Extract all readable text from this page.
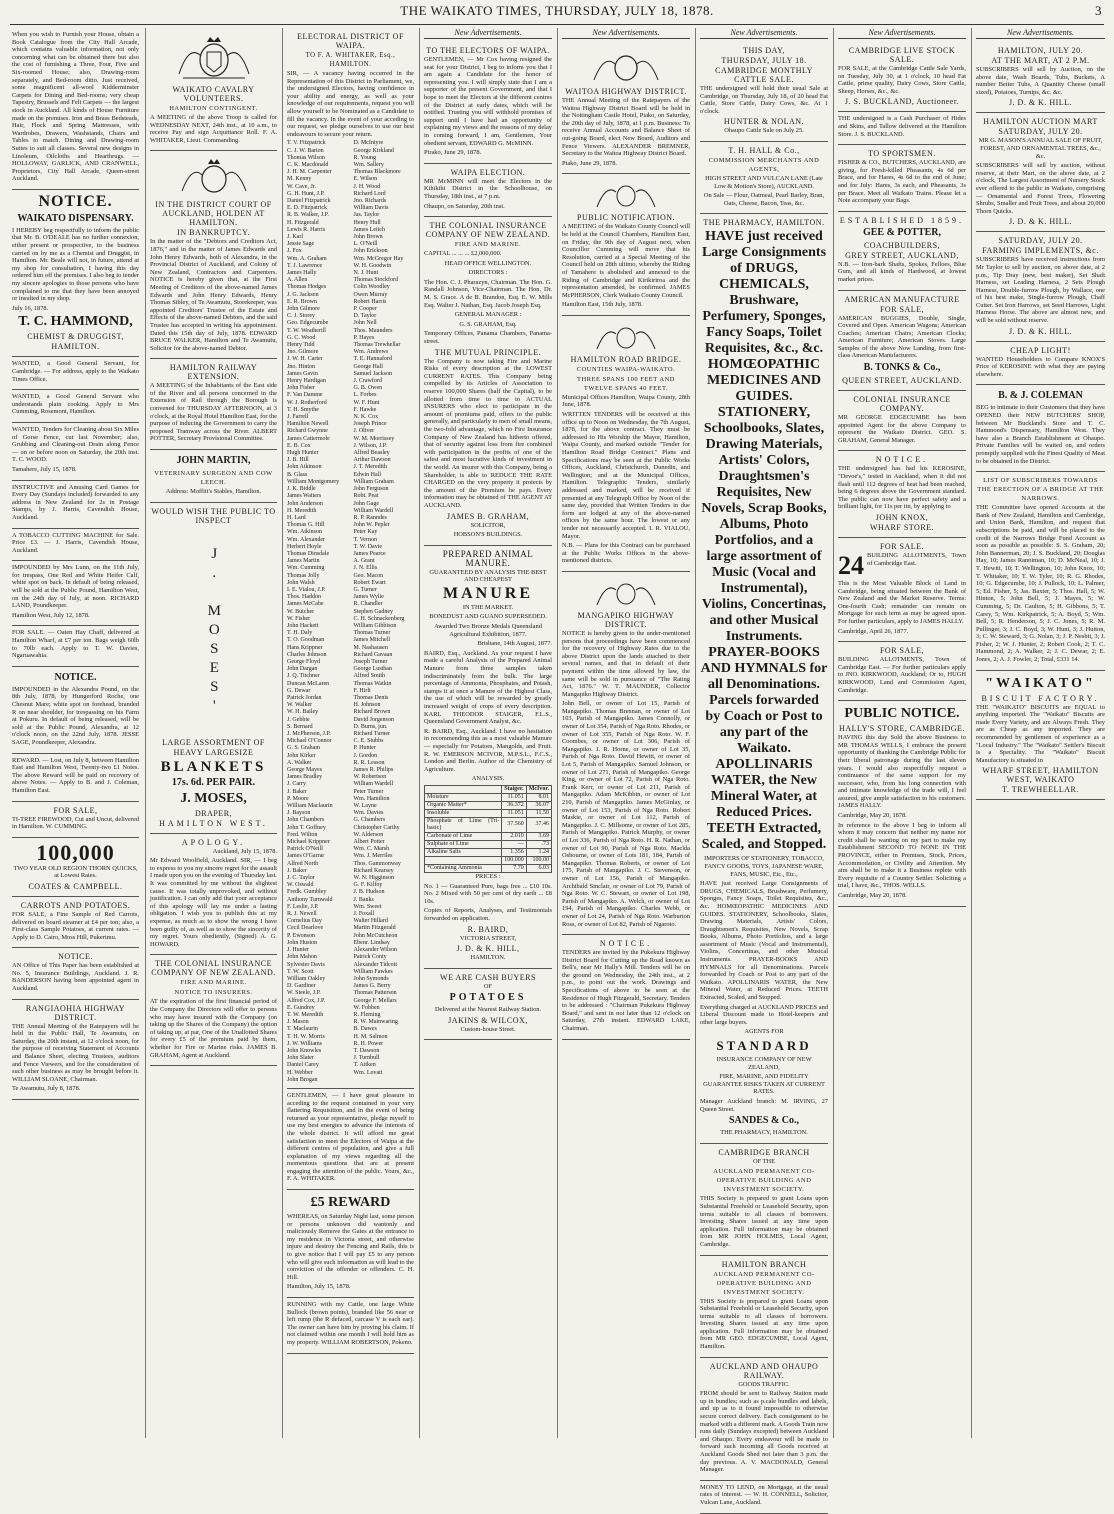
THE WAIKATO TIMES, THURSDAY, JULY 18, 1878.	3

When you wish to Furnish your House, obtain a Book Catalogue from the City Hall Arcade, which contains valuable information, not only concerning what can be obtained there but also the cost of furnishing a Three, Four, Five and Six-roomed House; also, Drawing-room separately, and Bed-room ditto. Just received, some magnificent all-wool Kidderminster Carpets for Dining and Bed-rooms; very cheap Tapestry, Brussels and Felt Carpets — the largest stock in Auckland. All kinds of House Furniture made on the premises. Iron and Brass Bedsteads, Hair, Flock and Spring Mattresses, with Wardrobes, Drawers, Washstands, Chairs and Tables to match. Dining and Drawing-room Suites to suit all classes. Several new designs in Linoleum, Oilcloths and Hearthrugs. — HOLLOWAY, GARLICK, AND CRANWELL, Proprietors, City Hall Arcade, Queen-street Auckland.

NOTICE.
WAIKATO DISPENSARY.

I HEREBY beg respectfully to inform the public that Mr. B. O'DEALE has no further connexion, either present or prospective, to the business carried on by me as a Chemist and Druggist, in Hamilton. Mr. Beale will not, in future, attend at my shop for consultation, I having this day ordered him off the premises. I also beg to tender my sincere apologies to those persons who have complained to me that they have been annoyed or insulted in my shop.

July 16, 1878.

T. C. HAMMOND,
CHEMIST & DRUGGIST,
HAMILTON.

WANTED, a Good General Servant, for Cambridge. — For address, apply to the Waikato Times Office.

WANTED, a Good General Servant who understands plain cooking. Apply to Mrs Cumming, Rosemont, Hamilton.

WANTED, Tenders for Cleaning about Six Miles of Gorse Fence, cut last November; also, Grubbing and Cleaning-out Drain along Fence — on or before noon on Saturday, the 20th inst. T. C. WOOD.

Tamahere, July 15, 1878.

INSTRUCTIVE and Amusing Card Games for Every Day (Sundays included) forwarded to any address in New Zealand for 2s in Postage Stamps, by J. Harris, Cavendish House, Auckland.

A TOBACCO CUTTING MACHINE for Sale. Price £3. — J. Harris, Cavendish House, Auckland.

IMPOUNDED by Mrs Lunn, on the 11th July, for trespass, One Red and White Heifer Calf, white spot on back. In default of being released, will be sold at the Public Pound, Hamilton West, on the 24th day of July, at noon. RICHARD LAND, Poundkeeper.

Hamilton West, July 12, 1878.

FOR SALE. — Oaten Hay Chaff, delivered at Hamilton Wharf, at £7 per ton. Bags weigh 60lb to 70lb each. Apply to T. W. Davies, Ngaruawahia.

NOTICE.

IMPOUNDED in the Alexandra Pound, on the 8th July, 1878, by Hungerford Roche, one Chesnut Mare; white spot on forehead, branded R on near shoulder, for trespassing on his Farm at Pokuru. In default of being released, will be sold at the Public Pound, Alexandra, at 12 o'clock noon, on the 22nd July, 1878. JESSE SAGE, Poundkeeper, Alexandra.

REWARD. — Lost, on July 8, between Hamilton East and Hamilton West, Twenty-two £1 Notes. The above Reward will be paid on recovery of above Notes. — Apply to B. and J. Coleman, Hamilton East.

FOR SALE,

TI-TREE FIREWOOD, Cut and Uncut, delivered in Hamilton. W. CUMMING.

100,000

TWO YEAR OLD REGION THORN QUICKS, at Lowest Rates.

COATES & CAMPBELL.
CARROTS AND POTATOES.

FOR SALE, a Fine Sample of Red Carrots, delivered on board steamer at £4 per ton; also, a First-class Sample Potatoes, at current rates. — Apply to D. Cairo, Moss Hill, Pukerimu.

NOTICE.

AN Office of This Paper has been established at No. 5, Insurance Buildings, Auckland. J. R. BANDERSON having been appointed agent in Auckland.

RANGIAOHIA HIGHWAY DISTRICT.

THE Annual Meeting of the Ratepayers will be held in the Public Hall, Te Awamutu, on Saturday, the 20th instant, at 12 o'clock noon, for the purpose of receiving Statement of Accounts and Balance Sheet, electing Trustees, auditors and Fence Viewers, and for the consideration of such other business as may be brought before it. WILLIAM SLOANE, Chairman.

Te Awamutu, July 8, 1878.

WAIKATO CAVALRY VOLUNTEERS.
HAMILTON CONTINGENT.

A MEETING of the above Troop is called for WEDNESDAY NEXT, 24th inst., at 10 a.m., to receive Pay and sign Acquittance Roll. F. A. WHITAKER, Lieut. Commanding.

IN THE DISTRICT COURT OF AUCKLAND, HOLDEN AT HAMILTON.
IN BANKRUPTCY.

In the matter of the "Debtors and Creditors Act, 1876," and in the matter of James Edwards and John Henry Edwards, both of Alexandra, in the Provincial District of Auckland, and Colony of New Zealand, Contractors and Carpenters. NOTICE is hereby given that, at the First Meeting of Creditors of the above-named James Edwards and John Henry Edwards, Henry Thomas Sibley, of Te Awamutu, Storekeeper, was appointed Creditors' Trustee of the Estate and Effects of the above-named Debtors, and the said Trustee has accepted in writing his appointment. Dated this 15th day of July, 1878. EDWARD BRUCE WALKER, Hamilton and Te Awamutu, Solicitor for the above-named Debtor.

HAMILTON RAILWAY EXTENSION.

A MEETING of the Inhabitants of the East side of the River and all persons concerned in the Extension of Rail through the Borough is convened for THURSDAY AFTERNOON, at 3 o'clock, at the Royal Hotel Hamilton East, for the purpose of inducing the Government to carry the proposed Tramway across the River. ALBERT POTTER, Secretary Provisional Committee.

JOHN MARTIN,
VETERINARY SURGEON AND COW LEECH.

Address: Moffitt's Stables, Hamilton.

WOULD WISH THE PUBLIC TO INSPECT
J. MOSES'
LARGE ASSORTMENT OF
HEAVY LARGESIZE
BLANKETS
17s. 6d. PER PAIR.
J. MOSES,
DRAPER,
HAMILTON WEST.
APOLOGY.

Auckland, July 15, 1878.

Mr Edward Woolfield, Auckland. SIR, — I beg to express to you my sincere regret for the assault I made upon you on the evening of Thursday last. It was committed by me without the slightest cause. It was totally unprovoked, and without justification. I can only add that your acceptance of this apology will lay me under a lasting obligation. I wish you to publish this at my expense, as much as to show the wrong I have been guilty of, as well as to show the sincerity of my regret. Yours obediently, (Signed) A. G. HOWARD.

THE COLONIAL INSURANCE COMPANY OF NEW ZEALAND.
FIRE AND MARINE.
NOTICE TO INSURERS.

AT the expiration of the first financial period of the Company the Directors will offer to persons who may have insured with the Company (on taking up the Shares of the Company) the option of taking up, at par, One of the Unallotted Shares for every £5 of the premium paid by them, whether for Fire or Marine risks. JAMES B. GRAHAM, Agent at Auckland.

ELECTORAL DISTRICT OF WAIPA.
TO F. A. WHITAKER, Esq., HAMILTON.

SIR, — A vacancy having occurred in the Representation of this District in Parliament, we, the undersigned Electors, having confidence in your ability and energy, as well as your knowledge of our requirements, request you will allow yourself to be Nominated as a Candidate to fill the vacancy. In the event of your acceding to our request, we pledge ourselves to use our best endeavours to secure your return.

T. V. Fitzpatrick
C. J. W. Barton
Thomas Wilson
C. K. Macdonald
J. H. M. Carpenter
M. Kenny
W. Cave, Jr.
G. H. Hunt, J.P.
Daniel Fitzpatrick
E. D. Fitzpatrick
R. B. Walker, J.P.
H. Fitzgerald
Lewis R. Harris
J. Karl
Jessie Sage
J. Fox
Wm. A. Graham
T. J. Lawrence
James Hally
A. Allen
Thomas Hodges
J. G. Jackson
E. R. Brown
John Gilmore
C. J. Storey
Geo. Edgecumbe
T. W. Weatherill
G. C. Wood
Henry Tidd
Jno. Gilmore
J. W. H. Carter
Jno. Hinton
James Gavin
Henry Hardigan
John Fisher
F. Van Damme
W. J. Rotherford
T. H. Smythe
J. Farrell
Hamilton Newell
Richard Gwynne
James Cattermole
E. B. Cox
Hugh Hunter
J. B. Hill
John Atkinson
B. Glass
William Montgomery
J. K. Biddle
James Watters
John Anderson
H. Meredith
H. Lard
Thomas G. Hill
Wm. Atkinson
Wm. Alexander
Herbert Hoyle
Thomas Dinsdale
James Martin
Wm. Cumming
Thomas Jolly
John Walsh
I. E. Vialou, J.P.
Thos. Haddon
James McCabe
W. Butcher
W. Fisher
John Hackett
T. H. Daly
T. O. Goodman
Hans Krippner
Charles Johnson
George Floyd
John Dargan
J. Q. Titchner
Duncan McLaren
G. Dewar
Patrick Jordan
W. Walker
W. H. Bailey
J. Gebbie
S. Bernard
J. McPherson, J.P.
Michael O'Connor
G. S. Graham
John Kirker
A. Walker
George Mayes
James Bradley
J. Carry
J. Baker
P. Moore
William Maclaurin
J. Bayson
John Chambers
John T. Goffney
Fred. Wilton
Michael Krippner
Patrick O'Neill
James O'Garrar
Alfred North
J. Baker
J. C. Taylor
W. Oswald
Fredk. Gumbley
Anthony Turnwald
F. Leslie, J.P.
R. J. Newell
Cornelius Day
Cecil Dearlove
P. Ewonson
John Huston
J. Hunter
John Mahon
Sylvester Davis
T. W. Scott
William Oakley
D. Gardiner
W. Steele, J.P.
Alfred Cox, J.P.
E. Gundrey
T. W. Meredith
J. Mason
T. Maclaurin
T. H. W. Morris
J. W. Williams
John Knowles
John Slater
Daniel Carey
H. Webber
John Brogan
D. McIntyre
George Kirkland
R. Young
Wm. Sallery
Thomas Blackmore
E. Wilson
J. H. Wood
Richard Lord
Jno. Richards
William Davis
Jas. Taylor
Henry Hull
James Leitch
John Brown
L. O'Neill
John Erickson
Wm. McGregor Hay
W. H. Goodwin
N. J. Hunt
Thomas Stockford
Colin Woodley
Owen Murray
Robert Harris
P. Cooper
D. Taylor
John Nell
Thos. Maunders
P. Hayes
Thomas Trewhellar
Wm. Andrews
T. E. Hannaford
George Hall
Samuel Jackson
J. Crawford
G. B. Owen
L. Forbes
W. F. Hunt
F. Hawke
N. K. Cox
Joseph Prince
J. Oliver
W. M. Morrissey
J. Wilson, J.P.
Alfred Beasley
Arthur Dawson
J. T. Meredith
Edwin Hall
William Graham
John Ferguson
Robt. Peat
John Gage
William Wardell
R. P. Ranndes
John W. Pepler
Peter Kay
T. Vernon
T. W. Davie
James Pearce
A. Grant
J. N. Ellis
Geo. Macon
Robert Ewart
G. Turner
James Wylie
R. Chandler
Stephen Gadney
C. H. Schnackenberg
William Gibbison
Thomas Turner
James Mitchell
M. Nashausen
Richard Gavaan
Joseph Turner
George Lusthan
Alfred Smith
Thomas Watkin
F. Hirli
Thomas Denis
H. Johnson
Richard Brown
David Jorgenson
D. Burns, jun.
Richard Turner
C. E. Stubbs
P. Hunter
J. Gordon
R. R. Lesson
James R. Philips
W. Robertson
William Wardell
Peter Turner
Wm. Hamilton
W. Layne
Wm. Davies
G. Chambers
Christopher Carthy
W. Alderson
Albert Potter
Wm. C. Marsh
Wm. J. Merriles
Thos. Gammonway
Richard Kearsey
W. N. Higginson
G. F. Kilfoy
J. B. Hudson
J. Banks
Wm. Sweet
J. Foxall
Walter Hillard
Martin Fitzgerald
John McCutcheon
Ebenr. Lindsay
Alexander Wilson
Patrick Conty
Alexander Tidcott
William Fawkes
John Symonds
James G. Berry
Thomas Patterson
George F. Mellars
W. Fobben
R. Fleming
R. W. Mainwaring
B. Dawes
H. M. Salmon
R. H. Power
T. Dawson
J. Turnbull
T. Aitken
Wm. Lovatt

GENTLEMEN, — I have great pleasure in acceding to the request contained in your very flattering Requisition, and in the event of being returned as your representative, pledge myself to use my best energies to advance the interests of the whole district. It will afford me great satisfaction to meet the Electors of Waipa at the different centres of population, and give a full explanation of my views regarding all the momentous questions that are at present engaging the attention of the public. Yours, &c., F. A. WHITAKER.

£5 REWARD

WHEREAS, on Saturday Night last, some person or persons unknown did wantonly and maliciously Remove the Gates at the entrance to my residence in Victoria street, and otherwise injure and destroy the Fencing and Rails, this is to give notice that I will pay £5 to any person who will give such information as will lead to the conviction of the offender or offenders. C. H. Hill.

Hamilton, July 15, 1878.

RUNNING with my Cattle, one large White Bullock (brown points), branded like 56 near or left rump (the R defaced, carcase V is each ear). The owner can have him by proving his claim. If not claimed within one month I will hold him as my property. WILLIAM ROBERTSON, Pokeno.

New Advertisements.
TO THE ELECTORS OF WAIPA.

GENTLEMEN, — Mr Cox having resigned the seat for your District, I beg to inform you that I am again a Candidate for the honor of representing you. I will simply state that I am a supporter of the present Government, and that I hope to meet the Electors at the different centres of the District at early dates, which will be notified. Trusting you will withhold promises of support until I have had an opportunity of explaining my views and the reasons of my delay in coming forward, I am, Gentlemen, Your obedient servant, EDWARD G. McMINN.

Pirako, June 29, 1878.

WAIPA ELECTION.

MR McMINN will meet the Electors in the Kihikihi District in the Schoolhouse, on Thursday, 18th inst., at 7 p.m.

Ohaupo, on Saturday, 20th inst.

THE COLONIAL INSURANCE COMPANY OF NEW ZEALAND.
FIRE AND MARINE.

CAPITAL ... ... ... £2,000,000.

HEAD OFFICE WELLINGTON.

DIRECTORS :

The Hon. C. J. Pharazyn, Chairman. The Hon. G. Randall Johnson, Vice-Chairman. The Hon. Dr. M. S. Grace. A de B. Brandon, Esq. E. W. Mills Esq. Walter J. Nathan, Esq. Jacob Joseph Esq.

GENERAL MANAGER :

G. S. GRAHAM, Esq.

Temporary Offices, Panama Chambers, Panama-street.

THE MUTUAL PRINCIPLE.

The Company is now taking Fire and Marine Risks of every description at the LOWEST CURRENT RATES. This Company being compelled by its Articles of Association to reserve 100,000 Shares (half the Capital), to be allotted from time to time to ACTUAL INSURERS who elect to participate in the amount of premiums paid, offers to the public generally, and particularly to men of small means, the two-fold advantage, which no Fire Insurance Company of New Zealand has hitherto offered, that of security against loss from fire combined with participation in the profits of one of the safest and most lucrative kinds of investment in the world. An insurer with this Company, being a Shareholder, is able to REDUCE THE RATE CHARGED on the very property it protects by the amount of the Premium he pays. Every information may be obtained of THE AGENT AT AUCKLAND.

JAMES B. GRAHAM,

SOLICITOR,

HOBSON'S BUILDINGS.

PREPARED ANIMAL MANURE.

GUARANTEED BY ANALYSIS THE BEST AND CHEAPEST

MANURE

IN THE MARKET.

BONEDUST AND GUANO SUPERSEDED.

Awarded Two Bronze Medals Queensland Agricultural Exhibition, 1877.

Brisbane, 14th August, 1877.

BAIRD, Esq., Auckland. As your request I have made a careful Analysis of the Prepared Animal Manure from three samples taken indiscriminately from the bulk. The large percentage of Ammonia, Phosphates, and Potash, stamps it at once a Manure of the Highest Class, the use of which will be rewarded by greatly increased weight of crops of every description. KARL THEODOR STAIGER, F.L.S., Queensland Government Analyst, &c.

R. BAIRD, Esq., Auckland. I have no hesitation in recommending this as a most valuable Manure — especially for Potatoes, Mangolds, and Fruit. R. W. EMERSON MCIVOR, M.P.S.L., F.C.S., London and Berlin. Author of the Chemistry of Agriculture.

ANALYSIS.

	Staiger.	McIvor.
Moisture	11.051	8.01
Organic Matter*	36.372	36.07
Insoluble	11.051	11.50
Phosphate of Lime (Tri-basic)	37.560	37.46
Carbonate of Lime	2.010	3.69
Sulphate of Lime	—	.73
Alkaline Salts	1.356	1.24
	100.000	100.00
*Containing Ammonia	7.70	6.03

PRICES :

No. 1 — Guaranteed Pure, bags free ... £10 10s. No. 2 Mixed with 50 per cent of dry earth ... £8 10s.

Copies of Reports, Analyses, and Testimonials forwarded on application.

R. BAIRD,

VICTORIA STREET,

J. D. & K. HILL,

HAMILTON.

WE ARE CASH BUYERS

OF

POTATOES

Delivered at the Nearest Railway Station.

JAKINS & WILCOX,

Custom-house Street.

New Advertisements.
WAITOA HIGHWAY DISTRICT.

THE Annual Meeting of the Ratepayers of the Waitoa Highway District Board will be held in the Nottingham Castle Hotel, Piako, on Saturday, the 20th day of July, 1878, at 1 p.m. Business: To receive Annual Accounts and Balance Sheet of out-going Board, elect New Board, Auditors and Fence Viewers. ALEXANDER BREMNER, Secretary to the Waitoa Highway District Board.

Piako, June 29, 1878.

PUBLIC NOTIFICATION.

A MEETING of the Waikato County Council will be held at the Council Chambers, Hamilton East, on Friday, the 9th day of August next, when Councillor Cumming will move that his Resolution, carried at a Special Meeting of the Council held on 28th ultimo, whereby the Riding of Tamahere is abolished and annexed to the Riding of Cambridge and Kirikiriroa and the representation amended, be confirmed. JAMES McPHERSON, Clerk Waikato County Council.

Hamilton East, 15th July, 1878.

HAMILTON ROAD BRIDGE.
COUNTIES WAIPA-WAIKATO.
THREE SPANS 100 FEET AND TWELVE SPANS 40 FEET.

Municipal Offices Hamilton, Waipa County, 28th June, 1878.

WRITTEN TENDERS will be received at this office up to Noon on Wednesday, the 7th August, 1878, for the above contract. They must be addressed to His Worship the Mayor, Hamilton, Waipa County, and marked outside "Tender for Hamilton Road Bridge Contract." Plans and Specifications may be seen at the Public Works Offices, Auckland, Christchurch, Dunedin, and Wellington; and at the Municipal Offices, Hamilton. Telegraphic Tenders, similarly addressed and marked, will be received if presented at any Telegraph Office by Noon of the same day, provided that Written Tenders in due form are lodged at any of the above-named offices by the same hour. The lowest or any tender not necessarily accepted. I. R. VIALOU, Mayor.

N.B. — Plans for this Contract can be purchased at the Public Works Offices in the above-mentioned districts.

MANGAPIKO HIGHWAY DISTRICT.

NOTICE is hereby given to the under-mentioned persons that proceedings have been commenced for the recovery of Highway Rates due to the above District upon the lands attached to their several names, and that in default of their payment within the time allowed by law, the same will be sold in pursuance of "The Rating Act, 1876." W. T. MAUNDER, Collector Mangapiko Highway District.

John Bell, or owner of Lot 15, Parish of Mangapiko. Thomas Brennan, or owner of Lot 103, Parish of Mangapiko. James Connolly, or owner of Lot 354, Parish of Nga Roto. Rhodes, or owner of Lot 355, Parish of Nga Roto. W. F. Coombes, or owner of Lot 306, Parish of Mangapiko. J. R. Horne, or owner of Lot 35, Parish of Nga Roto. David Hewitt, or owner of Lot 5, Parish of Mangapiko. Samuel Johnson, or owner of Lot 271, Parish of Mangapiko. George King, or owner of Lot 72, Parish of Nga Roto. Frank Kerr, or owner of Lot 211, Parish of Mangapiko. Adam McKibbin, or owner of Lot 210, Parish of Mangapiko. James McGinlay, or owner of Lot 153, Parish of Nga Roto. Robert Maskie, or owner of Lot 112, Parish of Mangapiko. J. C. Millsome, or owner of Lot 285, Parish of Mangapiko. Patrick Murphy, or owner of Lot 336, Parish of Nga Roto. H. R. Nathan, or owner of Lot 90, Parish of Nga Roto. Maclda Osbourne, or owner of Lots 181, 184, Parish of Mangapiko. Thomas Roberts, or owner of Lot 175, Parish of Mangapiko. J. C. Stevenson, or owner of Lot 156, Parish of Mangapiko. Archibald Sinclair, or owner of Lot 79, Parish of Nga Roto. W. C. Stewart, or owner of Lot 198, Parish of Mangapiko. A. Welch, or owner of Lot 194, Parish of Mangapiko. Charles Webb, or owner of Lot 24, Parish of Nga Roto. Warburton Ross, or owner of Lot 82, Parish of Ngaroto.

NOTICE.

TENDERS are invited by the Pukekura Highway District Board for Cutting up the Road known as Bell's, near Mr Hally's Mill. Tenders will be on the ground on Wednesday, the 24th inst., at 2 p.m., to point out the work. Drawings and Specifications of above to be seen at the Residence of Hugh Fitzgerald, Secretary. Tenders to be addressed : "Chairman Pukekura Highway Board," and sent in not later than 12 o'clock on Saturday, 27th instant. EDWARD LAKE, Chairman.

New Advertisements.
THIS DAY,
THURSDAY, JULY 18.
CAMBRIDGE MONTHLY CATTLE SALE.

THE undersigned will hold their usual Sale at Cambridge, on Thursday, July 18, of 20 head Fat Cattle, Store Cattle, Dairy Cows, &c. At 1 o'clock.

HUNTER & NOLAN.

Ohaupo Cattle Sale on July 25.

T. H. HALL & Co.,
COMMISSION MERCHANTS AND AGENTS,

HIGH STREET AND VULCAN LANE (Late Low & Motion's Store), AUCKLAND.

On Sale — Flour, Oatmeal, Pearl Barley, Bran, Oats, Cheese, Bacon, Teas, &c.

THE PHARMACY, HAMILTON.
HAVE just received Large Consignments of DRUGS, CHEMICALS, Brushware, Perfumery, Sponges, Fancy Soaps, Toilet Requisites, &c., &c. HOMŒOPATHIC MEDICINES AND GUIDES. STATIONERY, Schoolbooks, Slates, Drawing Materials, Artists' Colors, Draughtsmen's Requisites, New Novels, Scrap Books, Albums, Photo Portfolios, and a large assortment of Music (Vocal and Instrumental), Violins, Concertinas, and other Musical Instruments. PRAYER-BOOKS AND HYMNALS for all Denominations. Parcels forwarded by Coach or Post to any part of the Waikato. APOLLINARIS WATER, the New Mineral Water, at Reduced Prices. TEETH Extracted, Scaled, and Stopped.

IMPORTERS OF STATIONERY, TOBACCO, FANCY GOODS, TOYS, JAPANESE WARE, FANS, MUSIC, Etc., Etc.,

HAVE just received Large Consignments of DRUGS, CHEMICALS, Brushware, Perfumery, Sponges, Fancy Soaps, Toilet Requisites, &c., &c. HOMŒOPATHIC MEDICINES AND GUIDES. STATIONERY, Schoolbooks, Slates, Drawing Materials, Artists' Colors, Draughtsmen's Requisites, New Novels, Scrap Books, Albums, Photo Portfolios, and a large assortment of Music (Vocal and Instrumental), Violins, Concertinas, and other Musical Instruments. PRAYER-BOOKS AND HYMNALS for all Denominations. Parcels forwarded by Coach or Post to any part of the Waikato. APOLLINARIS WATER, the New Mineral Water, at Reduced Prices. TEETH Extracted, Scaled, and Stopped.

Everything charged at AUCKLAND PRICES and Liberal Discount made to Hotel-keepers and other large buyers.

AGENTS FOR

STANDARD

INSURANCE COMPANY OF NEW ZEALAND,

FIRE, MARINE, AND FIDELITY GUARANTEE RISKS TAKEN AT CURRENT RATES.

Manager Auckland branch: M. IRVING, 27 Queen Street.

SANDES & Co.,

THE PHARMACY, HAMILTON.

CAMBRIDGE BRANCH

OF THE

AUCKLAND PERMANENT CO-OPERATIVE BUILDING AND INVESTMENT SOCIETY.

THIS Society is prepared to grant Loans upon Substantial Freehold or Leasehold Security, upon terms suitable to all classes of borrowers. Investing Shares issued at any time upon application. Full information may be obtained from MR JOHN HOLMES, Local Agent, Cambridge.

HAMILTON BRANCH
AUCKLAND PERMANENT CO-OPERATIVE BUILDING AND INVESTMENT SOCIETY.

THIS Society is prepared to grant Loans upon Substantial Freehold or Leasehold Security, upon terms suitable to all classes of borrowers. Investing Shares issued at any time upon application. Full information may be obtained from MR GEO. EDGECUMBE, Local Agent, Hamilton.

AUCKLAND AND OHAUPO RAILWAY.

GOODS TRAFFIC.

FROM should be sent to Railway Station made up in bundles; such as p.cale bundles and labels, and up as to it found impossible to otherwise secure correct delivery. Each consignment to be marked with a different mark. A Goods Train now runs daily (Sundays excepted) between Auckland and Ohaupo. Every endeavour will be made to forward such incoming all Goods received at Auckland Goods Shed not later than 3 p.m. the day previous. A. V. MACDONALD, General Manager.

MONEY TO LEND, on Mortgage, at the usual rates of interest. — W. H. CONNELL, Solicitor, Vulcan Lane, Auckland.

New Advertisements.
CAMBRIDGE LIVE STOCK SALE.

FOR SALE, at the Cambridge Cattle Sale Yards, on Tuesday, July 30, at 1 o'clock, 10 head Fat Cattle, prime quality, Dairy Cows, Store Cattle, Sheep, Horses, &c., &c.

J. S. BUCKLAND, Auctioneer.

THE undersigned is a Cash Purchaser of Hides and Skins, and Tallow delivered at the Hamilton Store. J. S. BUCKLAND.

TO SPORTSMEN.

FISHER & CO., BUTCHERS, AUCKLAND, are giving, for Fresh-killed Pheasants, 4s 6d per Brace, and for Hares, 4s 6d to the end of June; and for July: Hares, 3s each, and Pheasants, 3s per Brace. Meet all Waikato Trains. Please let a Note accompany your Bags.

ESTABLISHED 1859.
GEE & POTTER,
COACHBUILDERS,
GREY STREET, AUCKLAND,

N.B. — Iron-bark Shafts, Spokes, Felloes, Blue Gum, and all kinds of Hardwood, at lowest market prices.

AMERICAN MANUFACTURE
FOR SALE,

AMERICAN BUGGIES, Double, Single, Covered and Open. American Wagons; American Coaches; American Chairs; American Clocks; American Furniture; American Stoves. Large Samples of the above Now Landing, from first-class American Manufacturers.

B. TONKS & Co.,
QUEEN STREET, AUCKLAND.
COLONIAL INSURANCE COMPANY.

MR GEORGE EDGECUMBE has been appointed Agent for the above Company to represent the Waikato District. GEO. S. GRAHAM, General Manager.

NOTICE.

THE undersigned has had his KEROSINE, "Devoe's," tested in Auckland, when it did not flash until 112 degrees of heat had been reached, being 6 degrees above the Government standard. The public can now have perfect safety and a brilliant light, for 11s per tin, by applying to

JOHN KNOX,
WHARF STORE.
FOR SALE.
24 BUILDING ALLOTMENTS, Town of Cambridge East.

This is the Most Valuable Block of Land in Cambridge, being situated between the Bank of New Zealand and the Market Reserve. Terms: One-fourth Cash; remainder can remain on Mortgage for such term as may be agreed upon. For further particulars, apply to JAMES HALLY.

Cambridge, April 26, 1877.

FOR SALE,

BUILDING ALLOTMENTS, Town of Cambridge East. — For further particulars apply to JNO. KIRKWOOD, Auckland; Or to, HUGH KIRKWOOD, Land and Commission Agent, Cambridge.

PUBLIC NOTICE.
HALLY'S STORE, CAMBRIDGE.

HAVING this day Sold the above Business to MR THOMAS WELLS, I embrace the present opportunity of thanking the Cambridge Public for their liberal patronage during the last eleven years. I would also respectfully request a continuance of the same support for my successor, who, from his long connection with and intimate knowledge of the trade will, I feel assured, give ample satisfaction to his customers. JAMES HALLY.

Cambridge, May 20, 1878.

In reference to the above I beg to inform all whom it may concern that neither my name nor credit shall be wanting on my part to make my Establishment SECOND TO NONE IN THE PROVINCE, either in Premises, Stock, Prices, Accommodation, or Civility and Attention. My aim shall be to make it a Business replete with Every requisite of a Country Settler. Soliciting a trial, I have, &c., THOS. WELLS.

Cambridge, May 20, 1878.

New Advertisements.
HAMILTON, JULY 20.
AT THE MART, AT 2 P.M.

SUBSCRIBERS will sell by Auction, on the above date, Wash Boards, Tubs, Buckets, A number Better Tubs, A Quantity Cheese (small sized), Potatoes, Turnips, &c. &c.

J. D. & K. HILL.
HAMILTON AUCTION MART
SATURDAY, JULY 20.

MR G. MASON'S ANNUAL SALE OF FRUIT, FOREST, AND ORNAMENTAL TREES, &c., &c.

SUBSCRIBERS will sell by auction, without reserve, at their Mart, on the above date, at 2 o'clock, The Largest Assortment of Nursery Stock ever offered to the public in Waikato, comprising — Ornamental and Forest Trees, Flowering Shrubs, Smaller and Fruit Trees, and about 20,000 Thorn Quicks.

J. D. & K. HILL.
SATURDAY, JULY 20.
FARMING IMPLEMENTS, &c.

SUBSCRIBERS have received instructions from Mr Taylor to sell by auction, on above date, at 2 p.m., Tip Dray (new, best maker), Set Shaft Harness, set Leading Harness, 2 Sets Plough Harness, Double-furrow Plough, by Wallace, one of his best make, Single-furrow Plough, Chaff Cutter. Set Iron Harrows, set Seed Harrows, Light Harness Horse. The above are almost new, and will be sold without reserve.

J. D. & K. HILL.
CHEAP LIGHT!

WANTED Householders to Compare KNOX'S Price of KEROSINE with what they are paying elsewhere.

B. & J. COLEMAN

BEG to intimate to their Customers that they have OPENED their NEW BUTCHERS' SHOP, between Mr Buckland's Store and T. C. Hammond's Dispensary, Hamilton West. They have also a Branch Establishment at Ohaupo. Private Families will be waited on, and orders promptly supplied with the Finest Quality of Meat to be obtained in the District.

LIST OF SUBSCRIBERS TOWARDS THE ERECTION OF A BRIDGE AT THE NARROWS.

THE Committee have opened Accounts at the Bank of New Zealand, Hamilton and Cambridge, and Union Bank, Hamilton, and request that subscriptions be paid, and will be placed to the credit of the Narrows Bridge Fund Account as soon as possible as possible: S. S. Graham, 20; John Bannerman, 20; J. S. Buckland, 20; Douglas Hay, 10; James Ranniman, 10; D. McNeal, 10; J. T. Hewitt, 10; T. Wellington, 10; John Knox, 10; T. Whitaker, 10; T. W. Tyler, 10; R. G. Rhodes, 10; G. Edgecumbe, 10; J. Pullock, 10; L. Palmer, 5; Ed. Fisher, 5; Jas. Baxter, 5; Thos. Hall, 5; W. Hinton, 5; John Bell, 5; J. Mayes, 5; W. Cumming, 5; Dr. Caulton, 5; H. Gibbons, 5; T. Carey, 5; Wm. Kirkpatrick, 5; A. Boyd, 5; Wm. Bell, 5; R. Henderson, 5; J. C. Jones, 5; R. M. Pullinger, 3; J. C. Boyd, 3; W. Hunt, 3; J. Hutton, 3; C. W. Steward, 3; G. Nolan, 3; J. P. Nesbit, 3; J. Fisher, 2; W. J. Hunter, 2; Robert Cook, 2; T. C. Hammond, 2; A. Walker, 2; J. C. Dewar, 2; E. Jones, 2; A. J. Fowler, 2; Total, £331 14.

"WAIKATO"
BISCUIT FACTORY.

THE "WAIKATO" BISCUITS are EQUAL to anything imported. The "Waikato" Biscuits are made Every Variety, and are Always Fresh. They are as Cheap as any imported. They are recommended by gentlemen of experience as a "Local Industry." The "Waikato" Settler's Biscuit is a Speciality. The "Waikato" Biscuit Manufactory is situated in

WHARF STREET, HAMILTON WEST, WAIKATO
T. TREWHEELLAR.
